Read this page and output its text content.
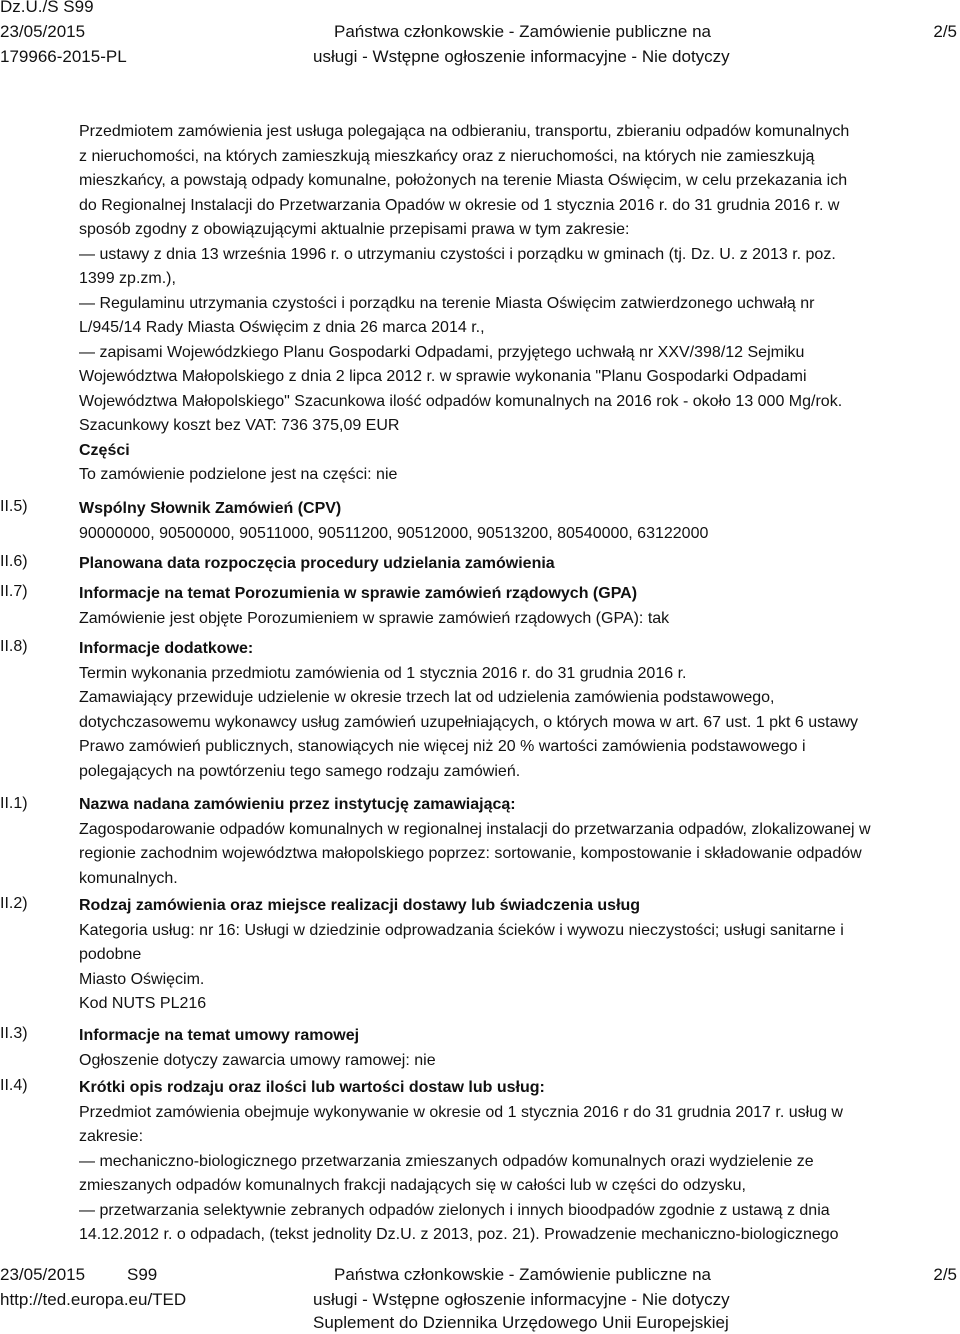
Dz.U./S S99
23/05/2015
179966-2015-PL
Państwa członkowskie - Zamówienie publiczne na
usługi - Wstępne ogłoszenie informacyjne - Nie dotyczy
2/5

Przedmiotem zamówienia jest usługa polegająca na odbieraniu, transportu, zbieraniu odpadów komunalnych

z nieruchomości, na których zamieszkują mieszkańcy oraz z nieruchomości, na których nie zamieszkują

mieszkańcy, a powstają odpady komunalne, położonych na terenie Miasta Oświęcim, w celu przekazania ich

do Regionalnej Instalacji do Przetwarzania Opadów w okresie od 1 stycznia 2016 r. do 31 grudnia 2016 r. w

sposób zgodny z obowiązującymi aktualnie przepisami prawa w tym zakresie:

— ustawy z dnia 13 września 1996 r. o utrzymaniu czystości i porządku w gminach (tj. Dz. U. z 2013 r. poz.

1399 zp.zm.),

— Regulaminu utrzymania czystości i porządku na terenie Miasta Oświęcim zatwierdzonego uchwałą nr

L/945/14 Rady Miasta Oświęcim z dnia 26 marca 2014 r.,

— zapisami Wojewódzkiego Planu Gospodarki Odpadami, przyjętego uchwałą nr XXV/398/12 Sejmiku

Województwa Małopolskiego z dnia 2 lipca 2012 r. w sprawie wykonania "Planu Gospodarki Odpadami

Województwa Małopolskiego" Szacunkowa ilość odpadów komunalnych na 2016 rok - około 13 000 Mg/rok.

Szacunkowy koszt bez VAT: 736 375,09 EUR

Części

To zamówienie podzielone jest na części: nie

II.5)
II.6)
II.7)
II.8)
II.1)
II.2)
II.3)
II.4)

Wspólny Słownik Zamówień (CPV)

90000000, 90500000, 90511000, 90511200, 90512000, 90513200, 80540000, 63122000

Planowana data rozpoczęcia procedury udzielania zamówienia

Informacje na temat Porozumienia w sprawie zamówień rządowych (GPA)

Zamówienie jest objęte Porozumieniem w sprawie zamówień rządowych (GPA): tak

Informacje dodatkowe:

Termin wykonania przedmiotu zamówienia od 1 stycznia 2016 r. do 31 grudnia 2016 r.

Zamawiający przewiduje udzielenie w okresie trzech lat od udzielenia zamówienia podstawowego,

dotychczasowemu wykonawcy usług zamówień uzupełniających, o których mowa w art. 67 ust. 1 pkt 6 ustawy

Prawo zamówień publicznych, stanowiących nie więcej niż 20 % wartości zamówienia podstawowego i

polegających na powtórzeniu tego samego rodzaju zamówień.

Nazwa nadana zamówieniu przez instytucję zamawiającą:

Zagospodarowanie odpadów komunalnych w regionalnej instalacji do przetwarzania odpadów, zlokalizowanej w

regionie zachodnim województwa małopolskiego poprzez: sortowanie, kompostowanie i składowanie odpadów

komunalnych.

Rodzaj zamówienia oraz miejsce realizacji dostawy lub świadczenia usług

Kategoria usług: nr 16: Usługi w dziedzinie odprowadzania ścieków i wywozu nieczystości; usługi sanitarne i

podobne

Miasto Oświęcim.

Kod NUTS PL216

Informacje na temat umowy ramowej

Ogłoszenie dotyczy zawarcia umowy ramowej: nie

Krótki opis rodzaju oraz ilości lub wartości dostaw lub usług:

Przedmiot zamówienia obejmuje wykonywanie w okresie od 1 stycznia 2016 r do 31 grudnia 2017 r. usług w

zakresie:

— mechaniczno-biologicznego przetwarzania zmieszanych odpadów komunalnych orazi wydzielenie ze

zmieszanych odpadów komunalnych frakcji nadających się w całości lub w części do odzysku,

— przetwarzania selektywnie zebranych odpadów zielonych i innych bioodpadów zgodnie z ustawą z dnia

14.12.2012 r. o odpadach, (tekst jednolity Dz.U. z 2013, poz. 21). Prowadzenie mechaniczno-biologicznego

23/05/2015 S99
http://ted.europa.eu/TED
Państwa członkowskie - Zamówienie publiczne na
usługi - Wstępne ogłoszenie informacyjne - Nie dotyczy
Suplement do Dziennika Urzędowego Unii Europejskiej
2/5
